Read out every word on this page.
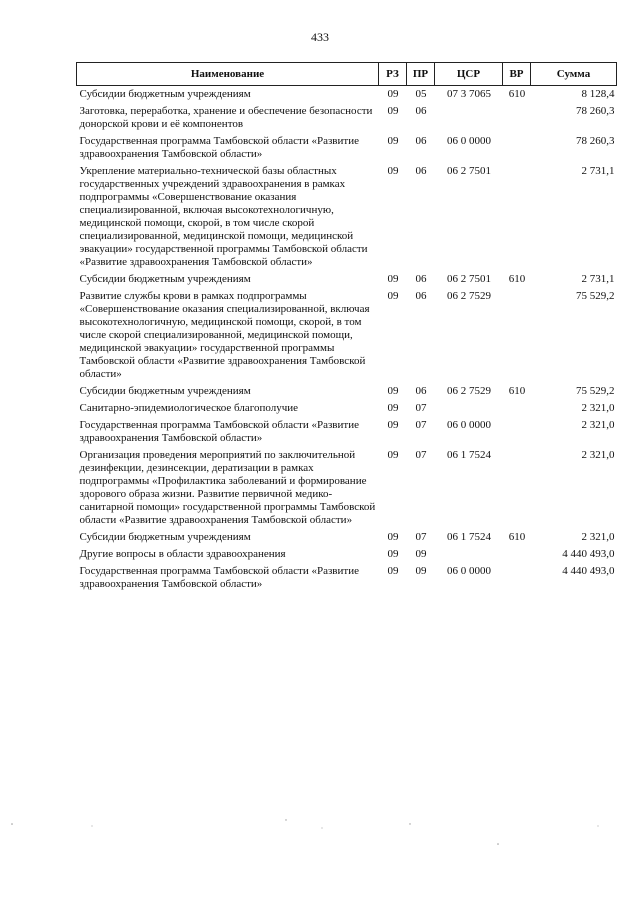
433
Наименование	РЗ	ПР	ЦСР	ВР	Сумма
Субсидии бюджетным учреждениям	09	05	07 3 7065	610	8 128,4
Заготовка, переработка, хранение и обеспечение безопасности донорской крови и её компонентов	09	06			78 260,3
Государственная программа Тамбовской области «Развитие здравоохранения Тамбовской области»	09	06	06 0 0000		78 260,3
Укрепление материально-технической базы областных государственных учреждений здравоохранения в рамках подпрограммы «Совершенствование оказания специализированной, включая высокотехнологичную, медицинской помощи, скорой, в том числе скорой специализированной, медицинской помощи, медицинской эвакуации» государственной программы Тамбовской области «Развитие здравоохранения Тамбовской области»	09	06	06 2 7501		2 731,1
Субсидии бюджетным учреждениям	09	06	06 2 7501	610	2 731,1
Развитие службы крови в рамках подпрограммы «Совершенствование оказания специализированной, включая высокотехнологичную, медицинской помощи, скорой, в том числе скорой специализированной, медицинской помощи, медицинской эвакуации» государственной программы Тамбовской области «Развитие здравоохранения Тамбовской области»	09	06	06 2 7529		75 529,2
Субсидии бюджетным учреждениям	09	06	06 2 7529	610	75 529,2
Санитарно-эпидемиологическое благополучие	09	07			2 321,0
Государственная программа Тамбовской области «Развитие здравоохранения Тамбовской области»	09	07	06 0 0000		2 321,0
Организация проведения мероприятий по заключительной дезинфекции, дезинсекции, дератизации в рамках подпрограммы «Профилактика заболеваний и формирование здорового образа жизни. Развитие первичной медико-санитарной помощи» государственной программы Тамбовской области «Развитие здравоохранения Тамбовской области»	09	07	06 1 7524		2 321,0
Субсидии бюджетным учреждениям	09	07	06 1 7524	610	2 321,0
Другие вопросы в области здравоохранения	09	09			4 440 493,0
Государственная программа Тамбовской области «Развитие здравоохранения Тамбовской области»	09	09	06 0 0000		4 440 493,0
